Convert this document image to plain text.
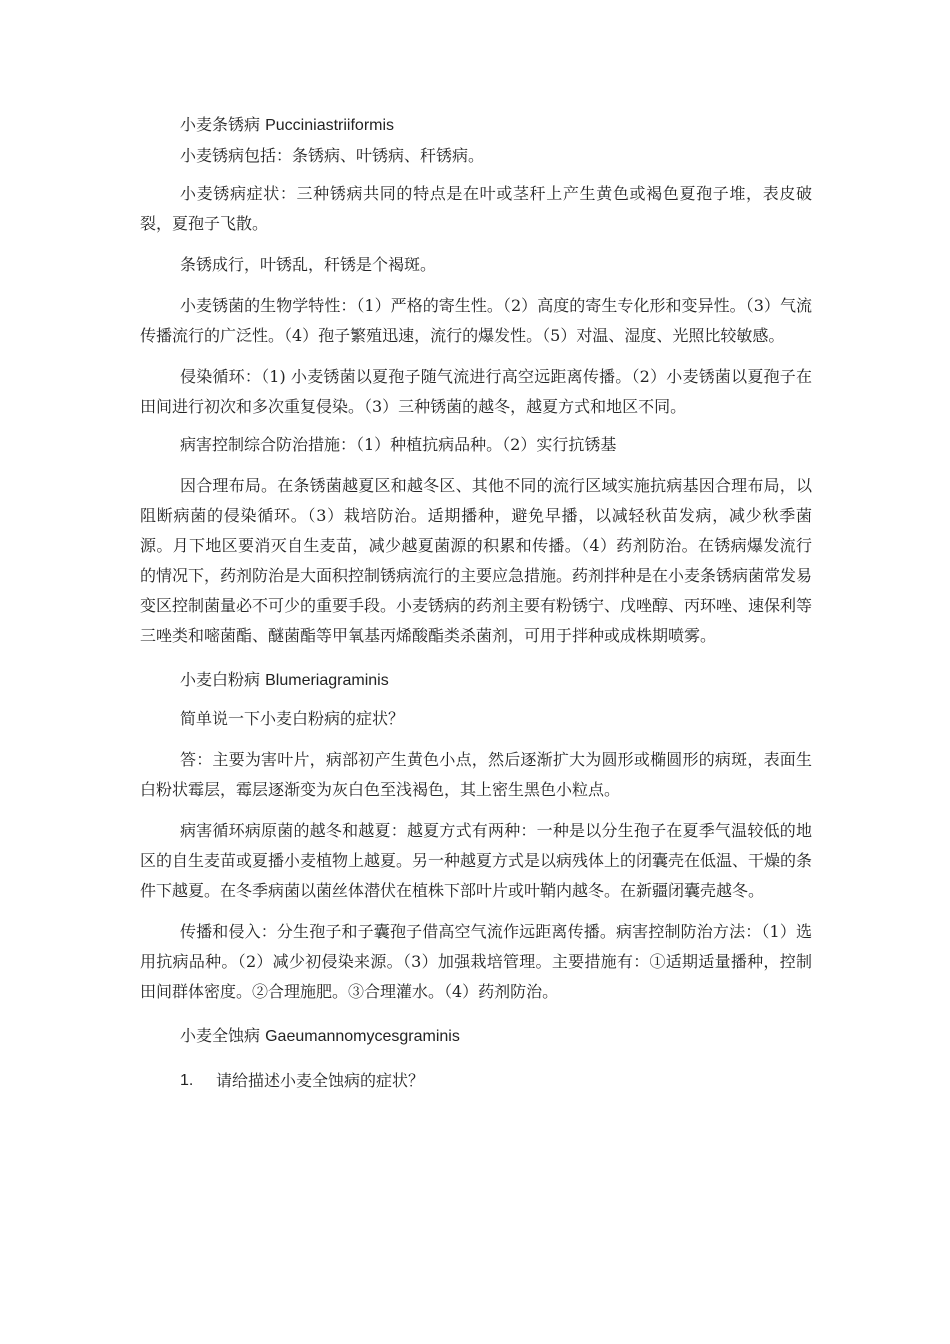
小麦条锈病 Pucciniastriiformis

小麦锈病包括：条锈病、叶锈病、秆锈病。

小麦锈病症状：三种锈病共同的特点是在叶或茎秆上产生黄色或褐色夏孢子堆，表皮破裂，夏孢子飞散。

条锈成行，叶锈乱，秆锈是个褐斑。

小麦锈菌的生物学特性：（1）严格的寄生性。（2）高度的寄生专化形和变异性。（3）气流传播流行的广泛性。（4）孢子繁殖迅速，流行的爆发性。（5）对温、湿度、光照比较敏感。

侵染循环：（1) 小麦锈菌以夏孢子随气流进行高空远距离传播。（2）小麦锈菌以夏孢子在田间进行初次和多次重复侵染。（3）三种锈菌的越冬，越夏方式和地区不同。

病害控制综合防治措施：（1）种植抗病品种。（2）实行抗锈基

因合理布局。在条锈菌越夏区和越冬区、其他不同的流行区域实施抗病基因合理布局，以阻断病菌的侵染循环。（3）栽培防治。适期播种，避免早播，以减轻秋苗发病，减少秋季菌源。月下地区要消灭自生麦苗，减少越夏菌源的积累和传播。（4）药剂防治。在锈病爆发流行的情况下，药剂防治是大面积控制锈病流行的主要应急措施。药剂拌种是在小麦条锈病菌常发易变区控制菌量必不可少的重要手段。小麦锈病的药剂主要有粉锈宁、戊唑醇、丙环唑、速保利等三唑类和嘧菌酯、醚菌酯等甲氧基丙烯酸酯类杀菌剂，可用于拌种或成株期喷雾。

小麦白粉病 Blumeriagraminis

简单说一下小麦白粉病的症状？

答：主要为害叶片，病部初产生黄色小点，然后逐渐扩大为圆形或椭圆形的病斑，表面生白粉状霉层，霉层逐渐变为灰白色至浅褐色，其上密生黑色小粒点。

病害循环病原菌的越冬和越夏：越夏方式有两种：一种是以分生孢子在夏季气温较低的地区的自生麦苗或夏播小麦植物上越夏。另一种越夏方式是以病残体上的闭囊壳在低温、干燥的条件下越夏。在冬季病菌以菌丝体潜伏在植株下部叶片或叶鞘内越冬。在新疆闭囊壳越冬。

传播和侵入：分生孢子和子囊孢子借高空气流作远距离传播。病害控制防治方法：（1）选用抗病品种。（2）减少初侵染来源。（3）加强栽培管理。主要措施有：①适期适量播种，控制田间群体密度。②合理施肥。③合理灌水。（4）药剂防治。

小麦全蚀病 Gaeumannomycesgraminis

1.	请给描述小麦全蚀病的症状？
